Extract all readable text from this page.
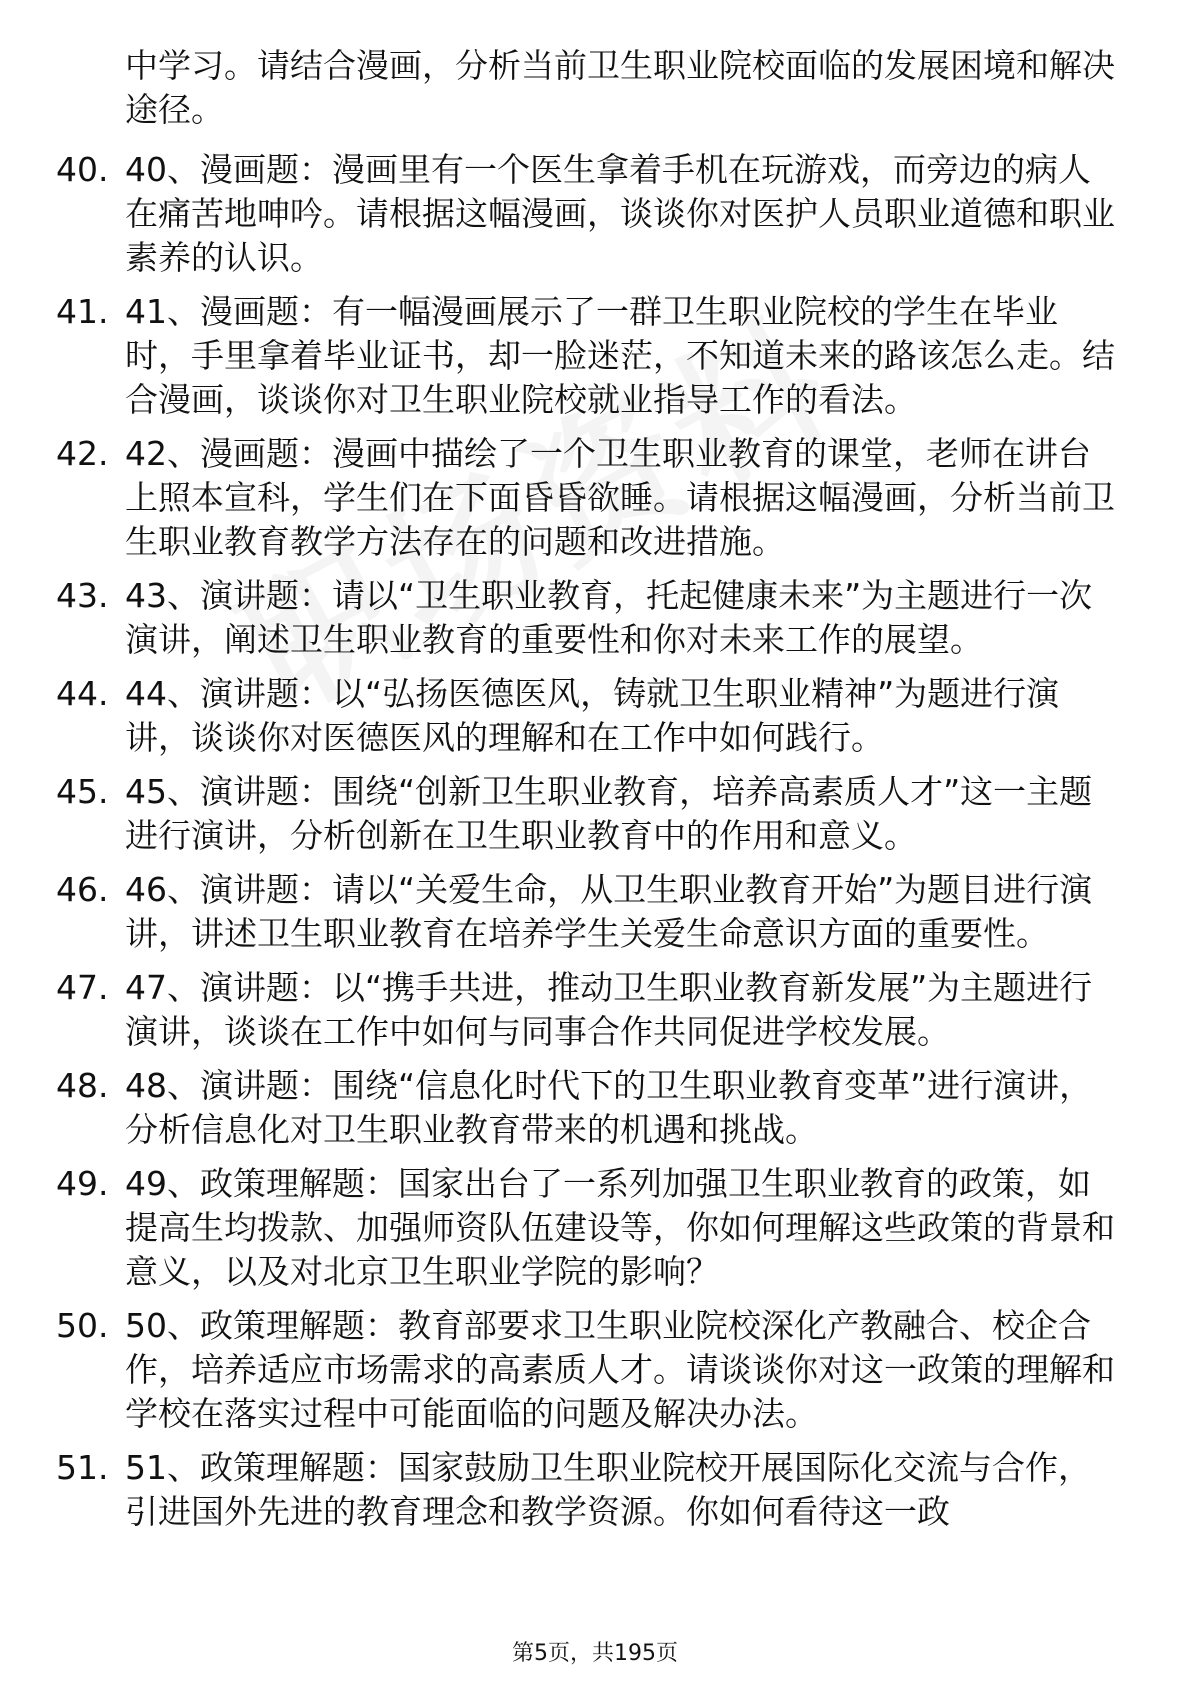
中学习。请结合漫画，分析当前卫生职业院校面临的发展困境和解决途径。
40. 40、漫画题：漫画里有一个医生拿着手机在玩游戏，而旁边的病人在痛苦地呻吟。请根据这幅漫画，谈谈你对医护人员职业道德和职业素养的认识。
41. 41、漫画题：有一幅漫画展示了一群卫生职业院校的学生在毕业时，手里拿着毕业证书，却一脸迷茫，不知道未来的路该怎么走。结合漫画，谈谈你对卫生职业院校就业指导工作的看法。
42. 42、漫画题：漫画中描绘了一个卫生职业教育的课堂，老师在讲台上照本宣科，学生们在下面昏昏欲睡。请根据这幅漫画，分析当前卫生职业教育教学方法存在的问题和改进措施。
43. 43、演讲题：请以“卫生职业教育，托起健康未来”为主题进行一次演讲，阐述卫生职业教育的重要性和你对未来工作的展望。
44. 44、演讲题：以“弘扬医德医风，铸就卫生职业精神”为题进行演讲，谈谈你对医德医风的理解和在工作中如何践行。
45. 45、演讲题：围绕“创新卫生职业教育，培养高素质人才”这一主题进行演讲，分析创新在卫生职业教育中的作用和意义。
46. 46、演讲题：请以“关爱生命，从卫生职业教育开始”为题目进行演讲，讲述卫生职业教育在培养学生关爱生命意识方面的重要性。
47. 47、演讲题：以“携手共进，推动卫生职业教育新发展”为主题进行演讲，谈谈在工作中如何与同事合作共同促进学校发展。
48. 48、演讲题：围绕“信息化时代下的卫生职业教育变革”进行演讲，分析信息化对卫生职业教育带来的机遇和挑战。
49. 49、政策理解题：国家出台了一系列加强卫生职业教育的政策，如提高生均拨款、加强师资队伍建设等，你如何理解这些政策的背景和意义，以及对北京卫生职业学院的影响？
50. 50、政策理解题：教育部要求卫生职业院校深化产教融合、校企合作，培养适应市场需求的高素质人才。请谈谈你对这一政策的理解和学校在落实过程中可能面临的问题及解决办法。
51. 51、政策理解题：国家鼓励卫生职业院校开展国际化交流与合作，引进国外先进的教育理念和教学资源。你如何看待这一政
第5页，共195页
